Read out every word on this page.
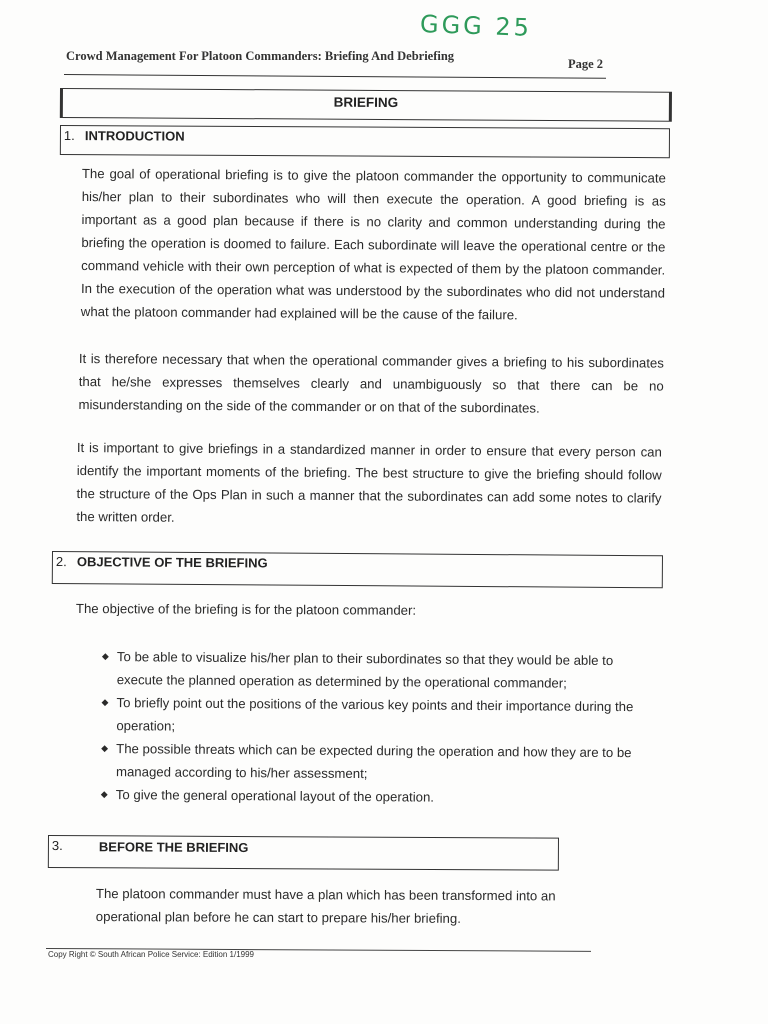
GGG 25
Crowd Management For Platoon Commanders: Briefing And Debriefing
Page 2
BRIEFING
1. INTRODUCTION
The goal of operational briefing is to give the platoon commander the opportunity to communicate his/her plan to their subordinates who will then execute the operation. A good briefing is as important as a good plan because if there is no clarity and common understanding during the briefing the operation is doomed to failure. Each subordinate will leave the operational centre or the command vehicle with their own perception of what is expected of them by the platoon commander. In the execution of the operation what was understood by the subordinates who did not understand what the platoon commander had explained will be the cause of the failure.
It is therefore necessary that when the operational commander gives a briefing to his subordinates that he/she expresses themselves clearly and unambiguously so that there can be no misunderstanding on the side of the commander or on that of the subordinates.
It is important to give briefings in a standardized manner in order to ensure that every person can identify the important moments of the briefing. The best structure to give the briefing should follow the structure of the Ops Plan in such a manner that the subordinates can add some notes to clarify the written order.
2. OBJECTIVE OF THE BRIEFING
The objective of the briefing is for the platoon commander:
◆ To be able to visualize his/her plan to their subordinates so that they would be able to execute the planned operation as determined by the operational commander;
◆ To briefly point out the positions of the various key points and their importance during the operation;
◆ The possible threats which can be expected during the operation and how they are to be managed according to his/her assessment;
◆ To give the general operational layout of the operation.
3.	BEFORE THE BRIEFING
The platoon commander must have a plan which has been transformed into an operational plan before he can start to prepare his/her briefing.
Copy Right © South African Police Service: Edition 1/1999
